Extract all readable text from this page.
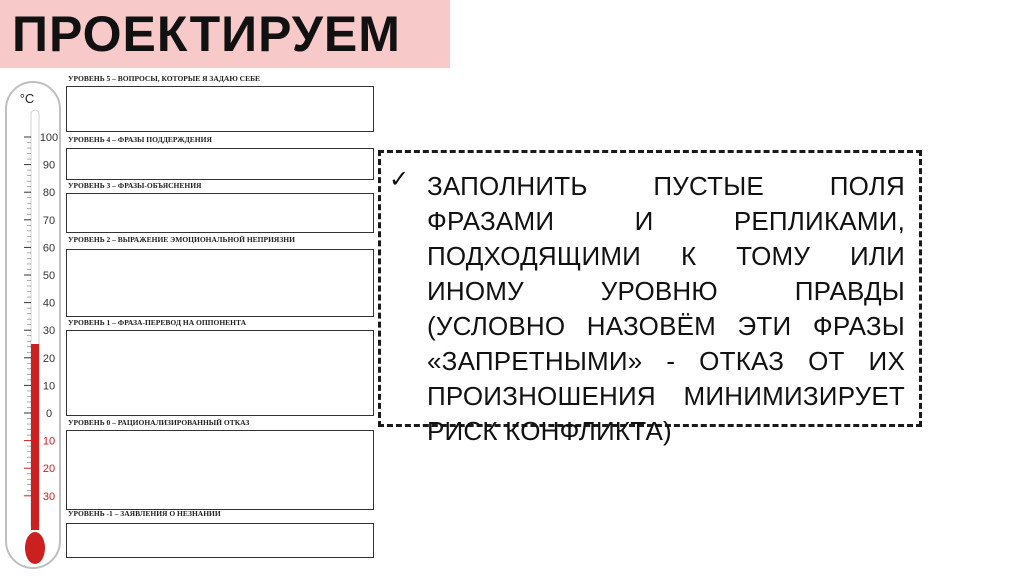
ПРОЕКТИРУЕМ
°C
100
90
80
70
60
50
40
30
20
10
0
10
20
30
УРОВЕНЬ 5 – ВОПРОСЫ, КОТОРЫЕ Я ЗАДАЮ СЕБЕ
УРОВЕНЬ 4 – ФРАЗЫ ПОДДЕРЖДЕНИЯ
УРОВЕНЬ 3 – ФРАЗЫ-ОБЪЯСНЕНИЯ
УРОВЕНЬ 2 – ВЫРАЖЕНИЕ ЭМОЦИОНАЛЬНОЙ НЕПРИЯЗНИ
УРОВЕНЬ 1 – ФРАЗА-ПЕРЕВОД НА ОППОНЕНТА
УРОВЕНЬ 0 – РАЦИОНАЛИЗИРОВАННЫЙ ОТКАЗ
УРОВЕНЬ -1 – ЗАЯВЛЕНИЯ О НЕЗНАНИИ
✓ ЗАПОЛНИТЬ ПУСТЫЕ ПОЛЯ ФРАЗАМИ И РЕПЛИКАМИ, ПОДХОДЯЩИМИ К ТОМУ ИЛИ ИНОМУ УРОВНЮ ПРАВДЫ (УСЛОВНО НАЗОВЁМ ЭТИ ФРАЗЫ «ЗАПРЕТНЫМИ» - ОТКАЗ ОТ ИХ ПРОИЗНОШЕНИЯ МИНИМИЗИРУЕТ РИСК КОНФЛИКТА)
